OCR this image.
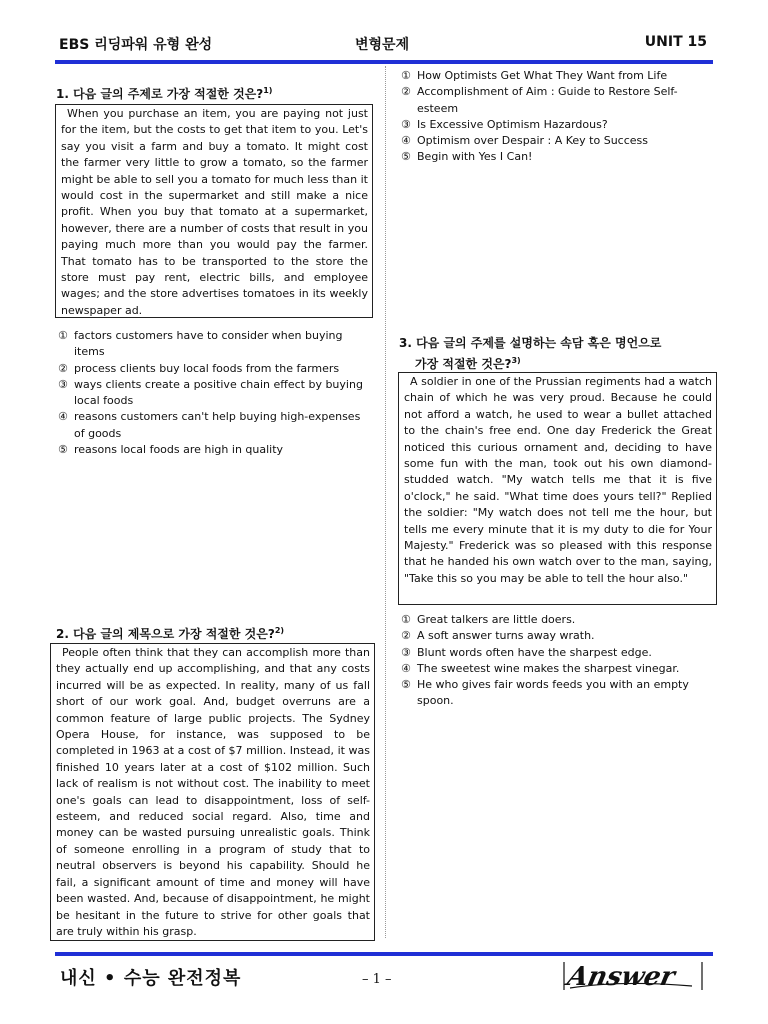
EBS 리딩파워 유형 완성	변형문제	UNIT 15
1. 다음 글의 주제로 가장 적절한 것은?$^{1)}$
When you purchase an item, you are paying not just for the item, but the costs to get that item to you. Let's say you visit a farm and buy a tomato. It might cost the farmer very little to grow a tomato, so the farmer might be able to sell you a tomato for much less than it would cost in the supermarket and still make a nice profit. When you buy that tomato at a supermarket, however, there are a number of costs that result in you paying much more than you would pay the farmer. That tomato has to be transported to the store the store must pay rent, electric bills, and employee wages; and the store advertises tomatoes in its weekly newspaper ad.
① factors customers have to consider when buying items
② process clients buy local foods from the farmers
③ ways clients create a positive chain effect by buying local foods
④ reasons customers can't help buying high-expenses of goods
⑤ reasons local foods are high in quality
2. 다음 글의 제목으로 가장 적절한 것은?$^{2)}$
People often think that they can accomplish more than they actually end up accomplishing, and that any costs incurred will be as expected. In reality, many of us fall short of our work goal. And, budget overruns are a common feature of large public projects. The Sydney Opera House, for instance, was supposed to be completed in 1963 at a cost of $7 million. Instead, it was finished 10 years later at a cost of $102 million. Such lack of realism is not without cost. The inability to meet one's goals can lead to disappointment, loss of self-esteem, and reduced social regard. Also, time and money can be wasted pursuing unrealistic goals. Think of someone enrolling in a program of study that to neutral observers is beyond his capability. Should he fail, a significant amount of time and money will have been wasted. And, because of disappointment, he might be hesitant in the future to strive for other goals that are truly within his grasp.
① How Optimists Get What They Want from Life
② Accomplishment of Aim : Guide to Restore Self-esteem
③ Is Excessive Optimism Hazardous?
④ Optimism over Despair : A Key to Success
⑤ Begin with Yes I Can!
3. 다음 글의 주제를 설명하는 속담 혹은 명언으로
가장 적절한 것은?$^{3)}$
A soldier in one of the Prussian regiments had a watch chain of which he was very proud. Because he could not afford a watch, he used to wear a bullet attached to the chain's free end. One day Frederick the Great noticed this curious ornament and, deciding to have some fun with the man, took out his own diamond-studded watch. "My watch tells me that it is five o'clock," he said. "What time does yours tell?" Replied the soldier: "My watch does not tell me the hour, but tells me every minute that it is my duty to die for Your Majesty." Frederick was so pleased with this response that he handed his own watch over to the man, saying, "Take this so you may be able to tell the hour also."
① Great talkers are little doers.
② A soft answer turns away wrath.
③ Blunt words often have the sharpest edge.
④ The sweetest wine makes the sharpest vinegar.
⑤ He who gives fair words feeds you with an empty spoon.
내신 • 수능 완전정복	– 1 –	Answer
